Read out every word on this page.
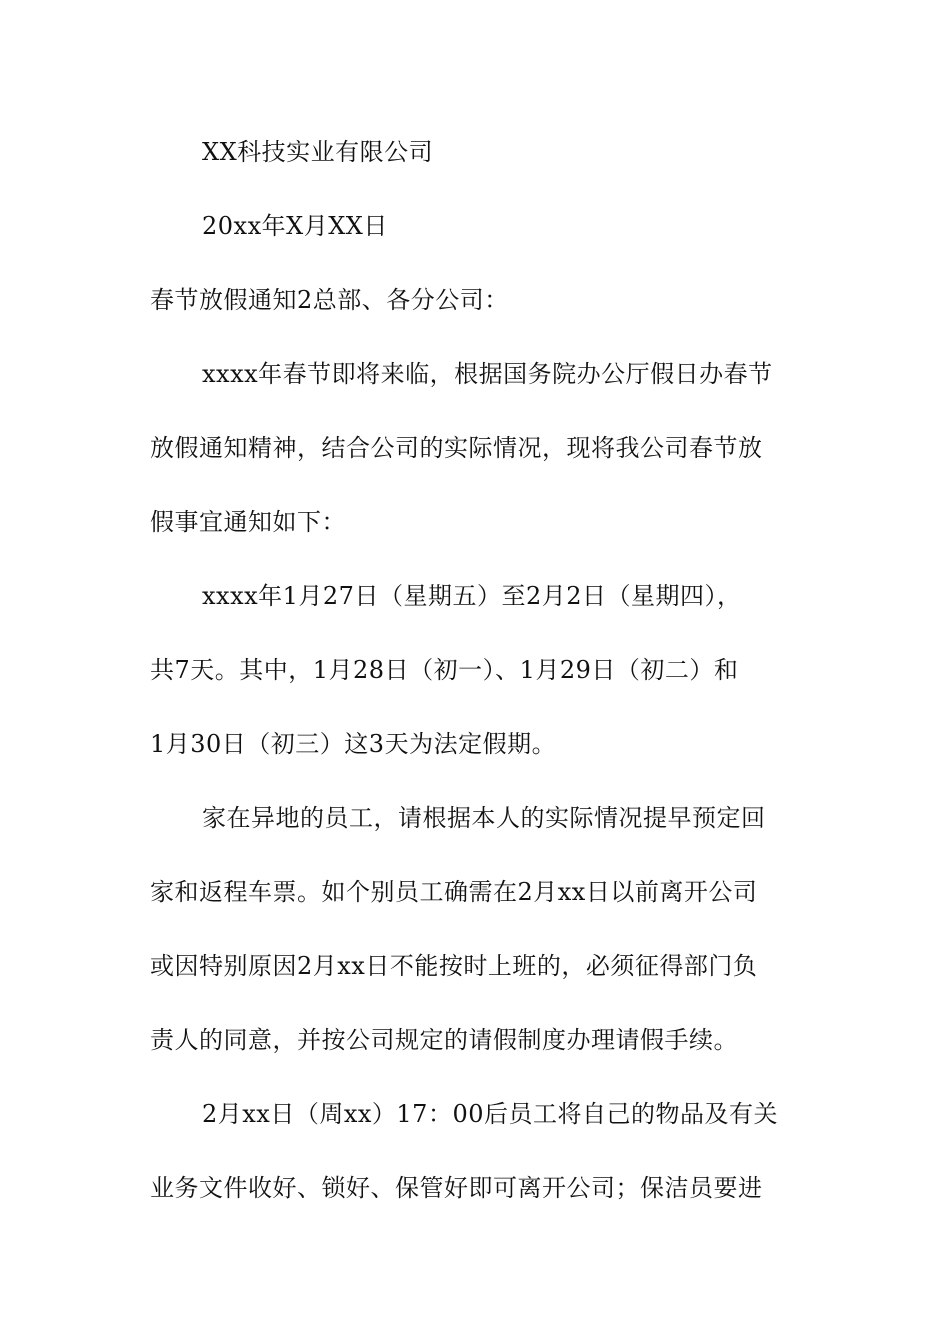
XX科技实业有限公司
20xx年X月XX日
春节放假通知2总部、各分公司：
xxxx年春节即将来临，根据国务院办公厅假日办春节
放假通知精神，结合公司的实际情况，现将我公司春节放
假事宜通知如下：
xxxx年1月27日（星期五）至2月2日（星期四），
共7天。其中，1月28日（初一）、1月29日（初二）和
1月30日（初三）这3天为法定假期。
家在异地的员工，请根据本人的实际情况提早预定回
家和返程车票。如个别员工确需在2月xx日以前离开公司
或因特别原因2月xx日不能按时上班的，必须征得部门负
责人的同意，并按公司规定的请假制度办理请假手续。
2月xx日（周xx）17：00后员工将自己的物品及有关
业务文件收好、锁好、保管好即可离开公司；保洁员要进
